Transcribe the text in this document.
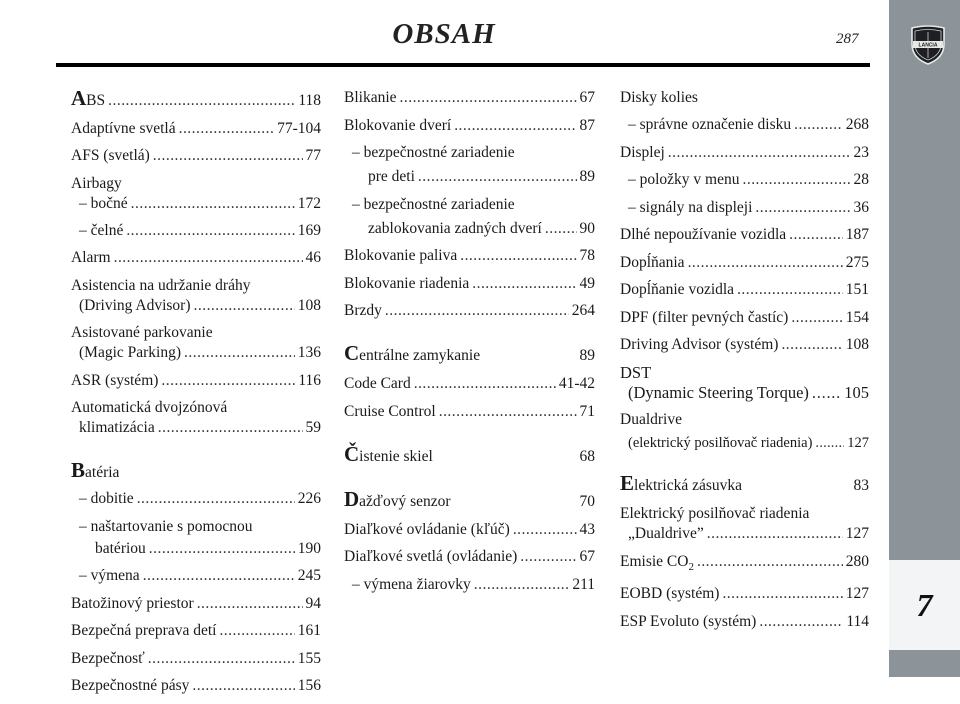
OBSAH	287	LANCIA
7
ABS . . .	118
Adaptívne svetlá . . .	77-104
AFS (svetlá) . . .	77
Airbagy
– bočné . . .	172
– čelné . . .	169
Alarm . . .	46
Asistencia na udržanie dráhy
(Driving Advisor) . . .	108
Asistované parkovanie
(Magic Parking) . . .	136
ASR (systém) . . .	116
Automatická dvojzónová
klimatizácia . . .	59
Batéria
– dobitie . . .	226
– naštartovanie s pomocnou
batériou . . .	190
– výmena . . .	245
Batožinový priestor . . .	94
Bezpečná preprava detí . . .	161
Bezpečnosť . . .	155
Bezpečnostné pásy . . .	156
Blikanie . . .	67
Blokovanie dverí . . .	87
– bezpečnostné zariadenie
pre deti . . .	89
– bezpečnostné zariadenie
zablokovania zadných dverí . . . 90
Blokovanie paliva . . .	78
Blokovanie riadenia . . .	49
Brzdy . . .	264
Centrálne zamykanie	89
Code Card . . .	41-42
Cruise Control . . .	71
Čistenie skiel	68
Dažďový senzor	70
Diaľkové ovládanie (kľúč) . . .	43
Diaľkové svetlá (ovládanie) . . .	67
– výmena žiarovky . . .	211
Disky kolies
– správne označenie disku . . .	268
Displej . . .	23
– položky v menu . . .	28
– signály na displeji . . .	36
Dlhé nepoužívanie vozidla . . .	187
Dopĺňania . . .	275
Dopĺňanie vozidla . . .	151
DPF (filter pevných častíc) . . .	154
Driving Advisor (systém) . . .	108
DST
(Dynamic Steering Torque) . . . 105
Dualdrive
(elektrický posilňovač riadenia) . . . 127
Elektrická zásuvka	83
Elektrický posilňovač riadenia
„Dualdrive” . . .	127
Emisie $CO_2$ . . .	280
EOBD (systém) . . .	127
ESP Evoluto (systém) . . .	114
